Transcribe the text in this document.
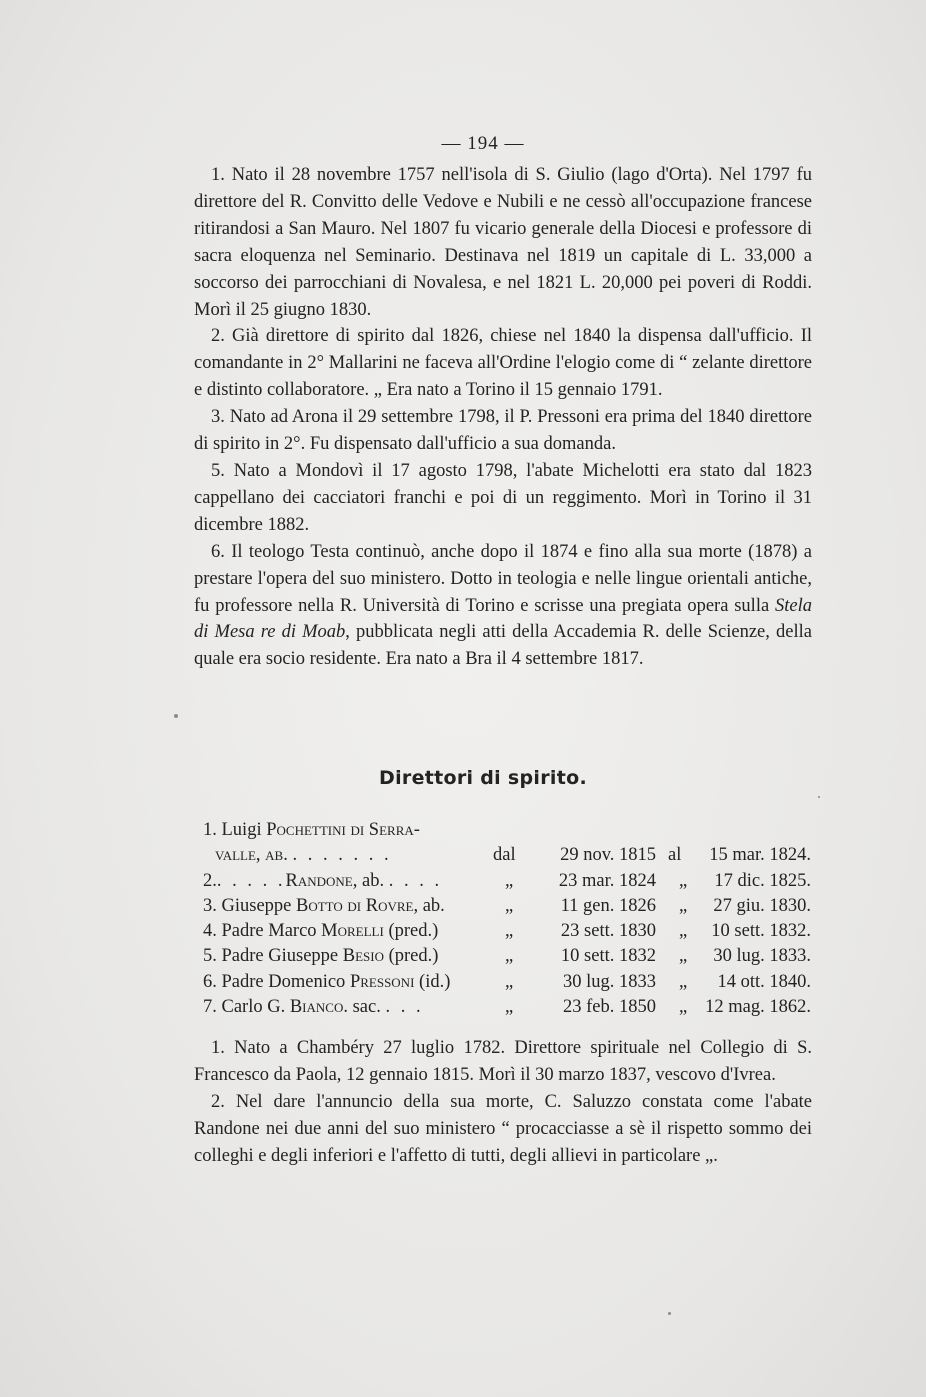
— 194 —

1. Nato il 28 novembre 1757 nell'isola di S. Giulio (lago d'Orta). Nel 1797 fu direttore del R. Convitto delle Vedove e Nubili e ne cessò all'occupazione francese ritirandosi a San Mauro. Nel 1807 fu vicario generale della Diocesi e professore di sacra eloquenza nel Seminario. Destinava nel 1819 un capitale di L. 33,000 a soccorso dei parrocchiani di Novalesa, e nel 1821 L. 20,000 pei poveri di Roddi. Morì il 25 giugno 1830.

2. Già direttore di spirito dal 1826, chiese nel 1840 la dispensa dall'ufficio. Il comandante in 2° Mallarini ne faceva all'Ordine l'elogio come di “ zelante direttore e distinto collaboratore. „ Era nato a Torino il 15 gennaio 1791.

3. Nato ad Arona il 29 settembre 1798, il P. Pressoni era prima del 1840 direttore di spirito in 2°. Fu dispensato dall'ufficio a sua domanda.

5. Nato a Mondovì il 17 agosto 1798, l'abate Michelotti era stato dal 1823 cappellano dei cacciatori franchi e poi di un reggimento. Morì in Torino il 31 dicembre 1882.

6. Il teologo Testa continuò, anche dopo il 1874 e fino alla sua morte (1878) a prestare l'opera del suo ministero. Dotto in teologia e nelle lingue orientali antiche, fu professore nella R. Università di Torino e scrisse una pregiata opera sulla Stela di Mesa re di Moab, pubblicata negli atti della Accademia R. delle Scienze, della quale era socio residente. Era nato a Bra il 4 settembre 1817.

Direttori di spirito.
1. Luigi Pochettini di Serra-
valle, ab. . . . . . . .	dal	29 nov. 1815 al	15 mar. 1824.
2.. . . . .Randone, ab. . . . .	„	23 mar. 1824 „	17 dic. 1825.
3. Giuseppe Botto di Rovre, ab.	„	11 gen. 1826 „	27 giu. 1830.
4. Padre Marco Morelli (pred.)	„	23 sett. 1830 „	10 sett. 1832.
5. Padre Giuseppe Besio (pred.)	„	10 sett. 1832 „	30 lug. 1833.
6. Padre Domenico Pressoni (id.)	„	30 lug. 1833 „	14 ott. 1840.
7. Carlo G. Bianco. sac. . . .	„	23 feb. 1850 „ 12 mag. 1862.

1. Nato a Chambéry 27 luglio 1782. Direttore spirituale nel Collegio di S. Francesco da Paola, 12 gennaio 1815. Morì il 30 marzo 1837, vescovo d'Ivrea.

2. Nel dare l'annuncio della sua morte, C. Saluzzo constata come l'abate Randone nei due anni del suo ministero “ procacciasse a sè il rispetto sommo dei colleghi e degli inferiori e l'affetto di tutti, degli allievi in particolare „.
